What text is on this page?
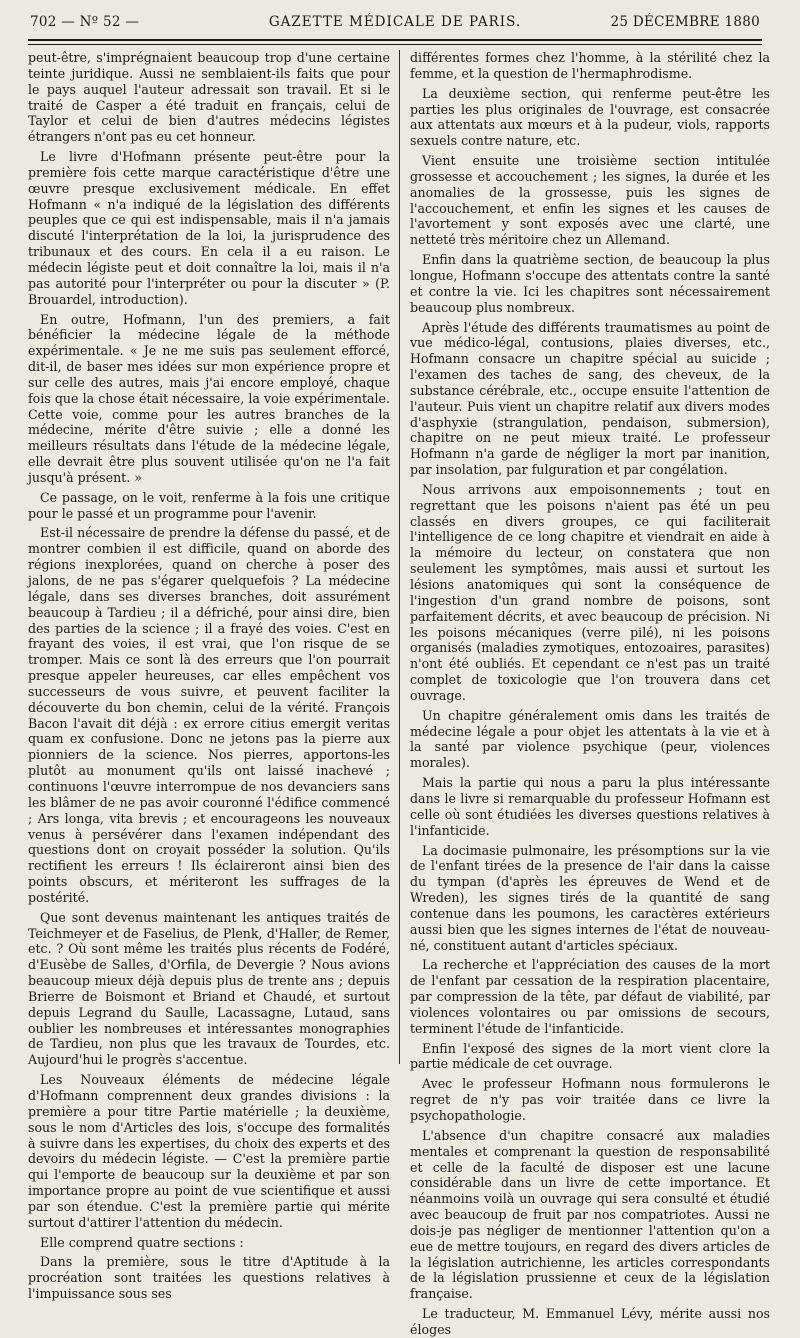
702 — Nº 52 —	GAZETTE MÉDICALE DE PARIS.	25 DÉCEMBRE 1880

peut-être, s'imprégnaient beaucoup trop d'une certaine teinte juridique. Aussi ne semblaient-ils faits que pour le pays auquel l'auteur adressait son travail. Et si le traité de Casper a été traduit en français, celui de Taylor et celui de bien d'autres médecins légistes étrangers n'ont pas eu cet honneur.

Le livre d'Hofmann présente peut-être pour la première fois cette marque caractéristique d'être une œuvre presque exclusivement médicale. En effet Hofmann « n'a indiqué de la législation des différents peuples que ce qui est indispensable, mais il n'a jamais discuté l'interprétation de la loi, la jurisprudence des tribunaux et des cours. En cela il a eu raison. Le médecin légiste peut et doit connaître la loi, mais il n'a pas autorité pour l'interpréter ou pour la discuter » (P. Brouardel, introduction).

En outre, Hofmann, l'un des premiers, a fait bénéficier la médecine légale de la méthode expérimentale. « Je ne me suis pas seulement efforcé, dit-il, de baser mes idées sur mon expérience propre et sur celle des autres, mais j'ai encore employé, chaque fois que la chose était nécessaire, la voie expérimentale. Cette voie, comme pour les autres branches de la médecine, mérite d'être suivie ; elle a donné les meilleurs résultats dans l'étude de la médecine légale, elle devrait être plus souvent utilisée qu'on ne l'a fait jusqu'à présent. »

Ce passage, on le voit, renferme à la fois une critique pour le passé et un programme pour l'avenir.

Est-il nécessaire de prendre la défense du passé, et de montrer combien il est difficile, quand on aborde des régions inexplorées, quand on cherche à poser des jalons, de ne pas s'égarer quelquefois ? La médecine légale, dans ses diverses branches, doit assurément beaucoup à Tardieu ; il a défriché, pour ainsi dire, bien des parties de la science ; il a frayé des voies. C'est en frayant des voies, il est vrai, que l'on risque de se tromper. Mais ce sont là des erreurs que l'on pourrait presque appeler heureuses, car elles empêchent vos successeurs de vous suivre, et peuvent faciliter la découverte du bon chemin, celui de la vérité. François Bacon l'avait dit déjà : ex errore citius emergit veritas quam ex confusione. Donc ne jetons pas la pierre aux pionniers de la science. Nos pierres, apportons-les plutôt au monument qu'ils ont laissé inachevé ; continuons l'œuvre interrompue de nos devanciers sans les blâmer de ne pas avoir couronné l'édifice commencé ; Ars longa, vita brevis ; et encourageons les nouveaux venus à persévérer dans l'examen indépendant des questions dont on croyait posséder la solution. Qu'ils rectifient les erreurs ! Ils éclaireront ainsi bien des points obscurs, et mériteront les suffrages de la postérité.

Que sont devenus maintenant les antiques traités de Teichmeyer et de Faselius, de Plenk, d'Haller, de Remer, etc. ? Où sont même les traités plus récents de Fodéré, d'Eusèbe de Salles, d'Orfila, de Devergie ? Nous avions beaucoup mieux déjà depuis plus de trente ans ; depuis Brierre de Boismont et Briand et Chaudé, et surtout depuis Legrand du Saulle, Lacassagne, Lutaud, sans oublier les nombreuses et intéressantes monographies de Tardieu, non plus que les travaux de Tourdes, etc. Aujourd'hui le progrès s'accentue.

Les Nouveaux éléments de médecine légale d'Hofmann comprennent deux grandes divisions : la première a pour titre Partie matérielle ; la deuxième, sous le nom d'Articles des lois, s'occupe des formalités à suivre dans les expertises, du choix des experts et des devoirs du médecin légiste. — C'est la première partie qui l'emporte de beaucoup sur la deuxième et par son importance propre au point de vue scientifique et aussi par son étendue. C'est la première partie qui mérite surtout d'attirer l'attention du médecin.

Elle comprend quatre sections :

Dans la première, sous le titre d'Aptitude à la procréation sont traitées les questions relatives à l'impuissance sous ses

différentes formes chez l'homme, à la stérilité chez la femme, et la question de l'hermaphrodisme.

La deuxième section, qui renferme peut-être les parties les plus originales de l'ouvrage, est consacrée aux attentats aux mœurs et à la pudeur, viols, rapports sexuels contre nature, etc.

Vient ensuite une troisième section intitulée grossesse et accouchement ; les signes, la durée et les anomalies de la grossesse, puis les signes de l'accouchement, et enfin les signes et les causes de l'avortement y sont exposés avec une clarté, une netteté très méritoire chez un Allemand.

Enfin dans la quatrième section, de beaucoup la plus longue, Hofmann s'occupe des attentats contre la santé et contre la vie. Ici les chapitres sont nécessairement beaucoup plus nombreux.

Après l'étude des différents traumatismes au point de vue médico-légal, contusions, plaies diverses, etc., Hofmann consacre un chapitre spécial au suicide ; l'examen des taches de sang, des cheveux, de la substance cérébrale, etc., occupe ensuite l'attention de l'auteur. Puis vient un chapitre relatif aux divers modes d'asphyxie (strangulation, pendaison, submersion), chapitre on ne peut mieux traité. Le professeur Hofmann n'a garde de négliger la mort par inanition, par insolation, par fulguration et par congélation.

Nous arrivons aux empoisonnements ; tout en regrettant que les poisons n'aient pas été un peu classés en divers groupes, ce qui faciliterait l'intelligence de ce long chapitre et viendrait en aide à la mémoire du lecteur, on constatera que non seulement les symptômes, mais aussi et surtout les lésions anatomiques qui sont la conséquence de l'ingestion d'un grand nombre de poisons, sont parfaitement décrits, et avec beaucoup de précision. Ni les poisons mécaniques (verre pilé), ni les poisons organisés (maladies zymotiques, entozoaires, parasites) n'ont été oubliés. Et cependant ce n'est pas un traité complet de toxicologie que l'on trouvera dans cet ouvrage.

Un chapitre généralement omis dans les traités de médecine légale a pour objet les attentats à la vie et à la santé par violence psychique (peur, violences morales).

Mais la partie qui nous a paru la plus intéressante dans le livre si remarquable du professeur Hofmann est celle où sont étudiées les diverses questions relatives à l'infanticide.

La docimasie pulmonaire, les présomptions sur la vie de l'enfant tirées de la presence de l'air dans la caisse du tympan (d'après les épreuves de Wend et de Wreden), les signes tirés de la quantité de sang contenue dans les poumons, les caractères extérieurs aussi bien que les signes internes de l'état de nouveau-né, constituent autant d'articles spéciaux.

La recherche et l'appréciation des causes de la mort de l'enfant par cessation de la respiration placentaire, par compression de la tête, par défaut de viabilité, par violences volontaires ou par omissions de secours, terminent l'étude de l'infanticide.

Enfin l'exposé des signes de la mort vient clore la partie médicale de cet ouvrage.

Avec le professeur Hofmann nous formulerons le regret de n'y pas voir traitée dans ce livre la psychopathologie.

L'absence d'un chapitre consacré aux maladies mentales et comprenant la question de responsabilité et celle de la faculté de disposer est une lacune considérable dans un livre de cette importance. Et néanmoins voilà un ouvrage qui sera consulté et étudié avec beaucoup de fruit par nos compatriotes. Aussi ne dois-je pas négliger de mentionner l'attention qu'on a eue de mettre toujours, en regard des divers articles de la législation autrichienne, les articles correspondants de la législation prussienne et ceux de la législation française.

Le traducteur, M. Emmanuel Lévy, mérite aussi nos éloges
